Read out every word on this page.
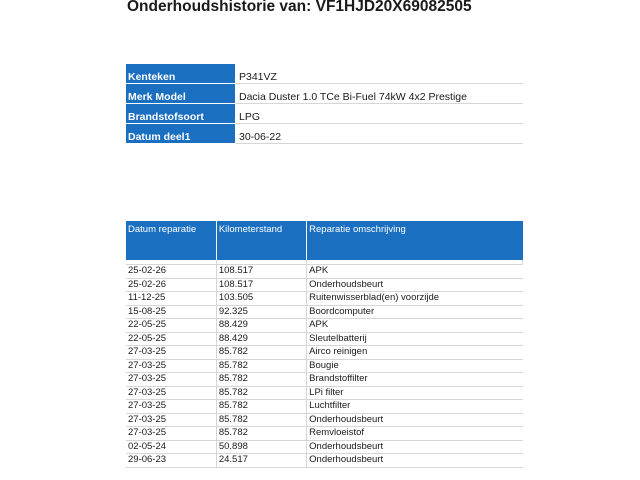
Onderhoudshistorie van: VF1HJD20X69082505
Kenteken	P341VZ
Merk Model	Dacia Duster 1.0 TCe Bi-Fuel 74kW 4x2 Prestige
Brandstofsoort	LPG
Datum deel1	30-06-22
Datum reparatie	Kilometerstand	Reparatie omschrijving

25-02-26	108.517	APK
25-02-26	108.517	Onderhoudsbeurt
11-12-25	103.505	Ruitenwisserblad(en) voorzijde
15-08-25	92.325	Boordcomputer
22-05-25	88.429	APK
22-05-25	88.429	Sleutelbatterij
27-03-25	85.782	Airco reinigen
27-03-25	85.782	Bougie
27-03-25	85.782	Brandstoffilter
27-03-25	85.782	LPi filter
27-03-25	85.782	Luchtfilter
27-03-25	85.782	Onderhoudsbeurt
27-03-25	85.782	Remvloeistof
02-05-24	50.898	Onderhoudsbeurt
29-06-23	24.517	Onderhoudsbeurt
